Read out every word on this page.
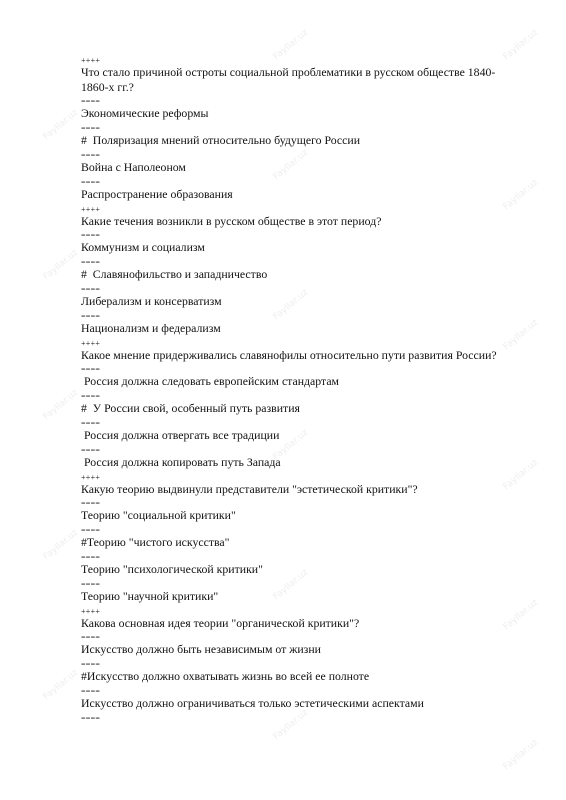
Fayllar.uz	Fayllar.uz
Fayllar.uz
Fayllar.uz
Fayllar.uz
Fayllar.uz
Fayllar.uz
Fayllar.uz
Fayllar.uz
Fayllar.uz
Fayllar.uz
Fayllar.uz
Fayllar.uz
Fayllar.uz
Fayllar.uz
Fayllar.uz
Fayllar.uz
++++
Что стало причиной остроты социальной проблематики в русском обществе 1840-1860-х гг.?
====
Экономические реформы
====
#  Поляризация мнений относительно будущего России
====
Война с Наполеоном
====
Распространение образования
++++
Какие течения возникли в русском обществе в этот период?
====
Коммунизм и социализм
====
#  Славянофильство и западничество
====
Либерализм и консерватизм
====
Национализм и федерализм
++++
Какое мнение придерживались славянофилы относительно пути развития России?
====
Россия должна следовать европейским стандартам
====
#  У России свой, особенный путь развития
====
Россия должна отвергать все традиции
====
Россия должна копировать путь Запада
++++
Какую теорию выдвинули представители "эстетической критики"?
====
Теорию "социальной критики"
====
#Теорию "чистого искусства"
====
Теорию "психологической критики"
====
Теорию "научной критики"
++++
Какова основная идея теории "органической критики"?
====
Искусство должно быть независимым от жизни
====
#Искусство должно охватывать жизнь во всей ее полноте
====
Искусство должно ограничиваться только эстетическими аспектами
====
